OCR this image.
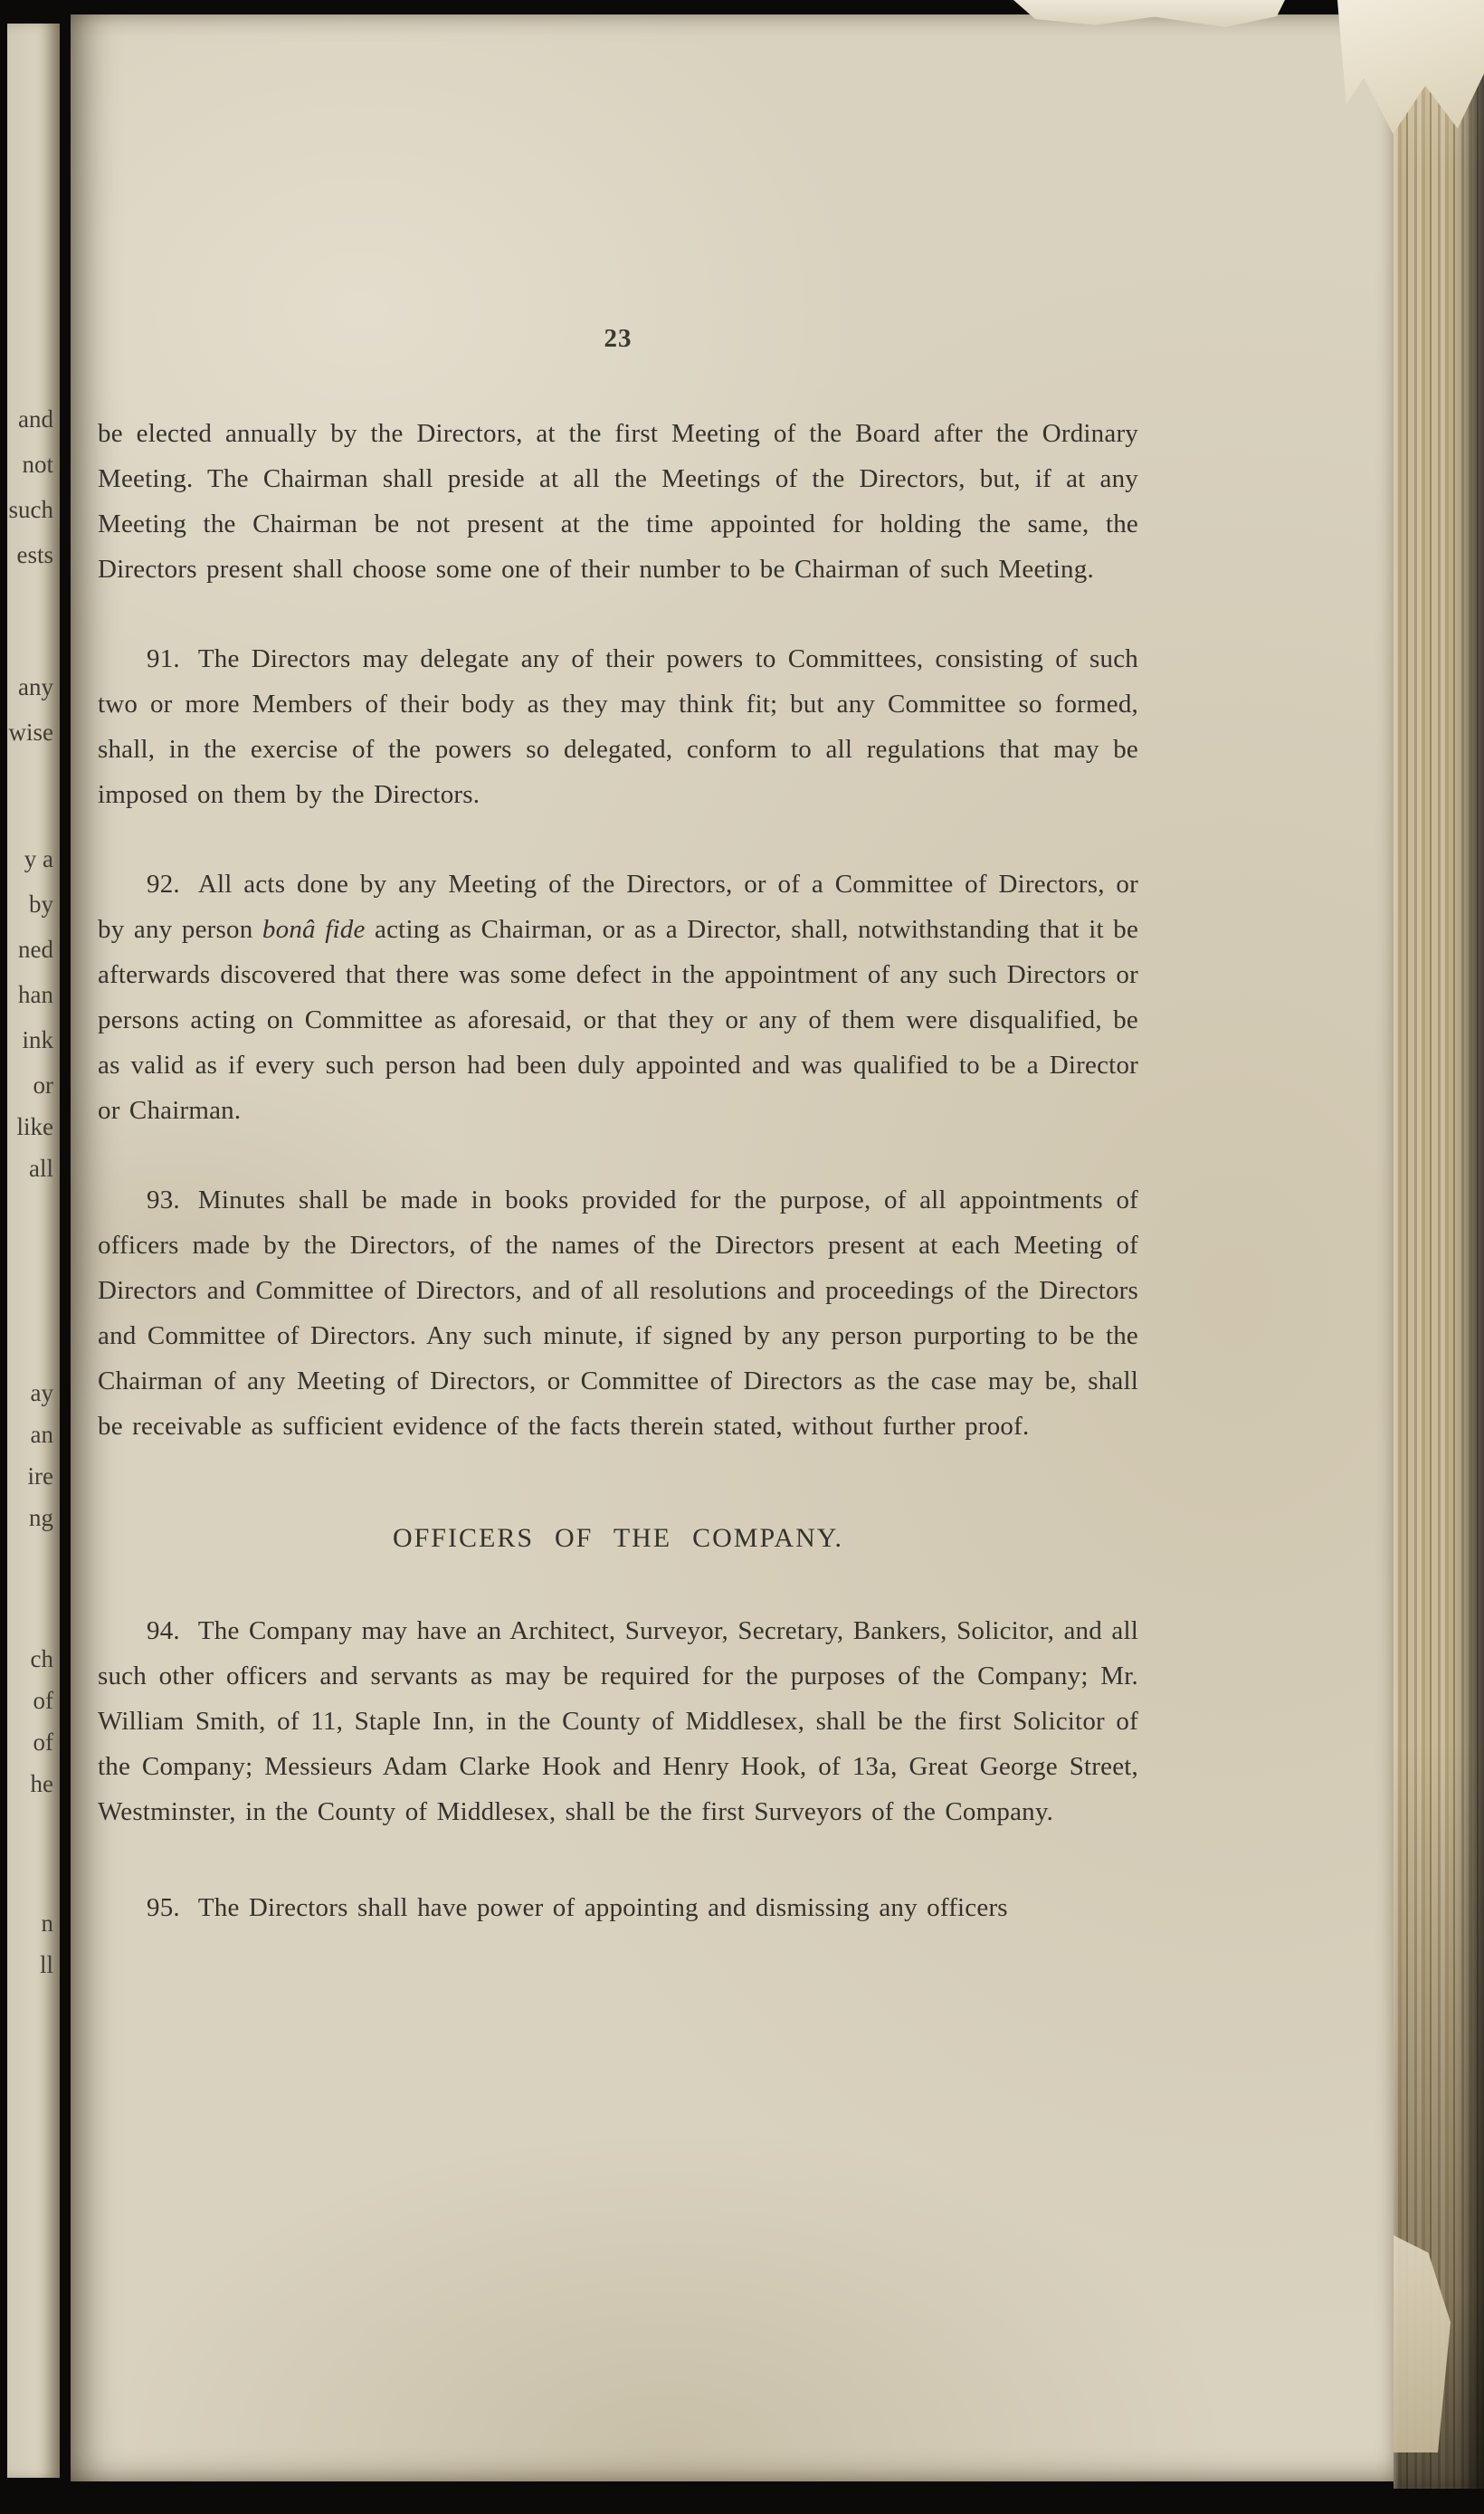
and
not
such
ests
any
wise
y a
by
ned
han
ink
or
like
all
ay
an
ire
ng
ch
of
of
he
n
ll
23

be elected annually by the Directors, at the first Meeting of the Board after the Ordinary Meeting. The Chairman shall preside at all the Meetings of the Directors, but, if at any Meeting the Chairman be not present at the time appointed for holding the same, the Directors present shall choose some one of their number to be Chairman of such Meeting.

91. The Directors may delegate any of their powers to Committees, consisting of such two or more Members of their body as they may think fit; but any Committee so formed, shall, in the exercise of the powers so delegated, conform to all regulations that may be imposed on them by the Directors.

92. All acts done by any Meeting of the Directors, or of a Committee of Directors, or by any person bonâ fide acting as Chairman, or as a Director, shall, notwithstanding that it be afterwards discovered that there was some defect in the appointment of any such Directors or persons acting on Committee as aforesaid, or that they or any of them were disqualified, be as valid as if every such person had been duly appointed and was qualified to be a Director or Chairman.

93. Minutes shall be made in books provided for the purpose, of all appointments of officers made by the Directors, of the names of the Directors present at each Meeting of Directors and Committee of Directors, and of all resolutions and proceedings of the Directors and Committee of Directors. Any such minute, if signed by any person purporting to be the Chairman of any Meeting of Directors, or Committee of Directors as the case may be, shall be receivable as sufficient evidence of the facts therein stated, without further proof.

OFFICERS OF THE COMPANY.

94. The Company may have an Architect, Surveyor, Secretary, Bankers, Solicitor, and all such other officers and servants as may be required for the purposes of the Company; Mr. William Smith, of 11, Staple Inn, in the County of Middlesex, shall be the first Solicitor of the Company; Messieurs Adam Clarke Hook and Henry Hook, of 13a, Great George Street, Westminster, in the County of Middlesex, shall be the first Surveyors of the Company.

95. The Directors shall have power of appointing and dismissing any officers
